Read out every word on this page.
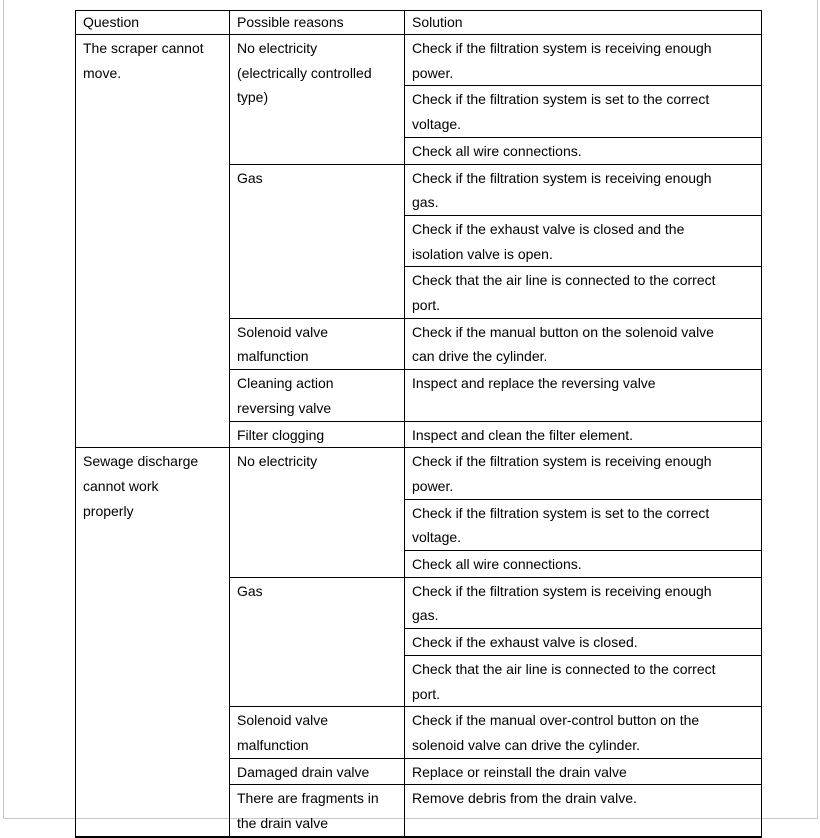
Question	Possible reasons	Solution
The scraper cannot move.	No electricity (electrically controlled type)	Check if the filtration system is receiving enough power.
		Check if the filtration system is set to the correct voltage.
		Check all wire connections.
	Gas	Check if the filtration system is receiving enough gas.
		Check if the exhaust valve is closed and the isolation valve is open.
		Check that the air line is connected to the correct port.
	Solenoid valve malfunction	Check if the manual button on the solenoid valve can drive the cylinder.
	Cleaning action reversing valve	Inspect and replace the reversing valve
	Filter clogging	Inspect and clean the filter element.
Sewage discharge cannot work properly	No electricity	Check if the filtration system is receiving enough power.
		Check if the filtration system is set to the correct voltage.
		Check all wire connections.
	Gas	Check if the filtration system is receiving enough gas.
		Check if the exhaust valve is closed.
		Check that the air line is connected to the correct port.
	Solenoid valve malfunction	Check if the manual over-control button on the solenoid valve can drive the cylinder.
	Damaged drain valve	Replace or reinstall the drain valve
	There are fragments in the drain valve	Remove debris from the drain valve.
